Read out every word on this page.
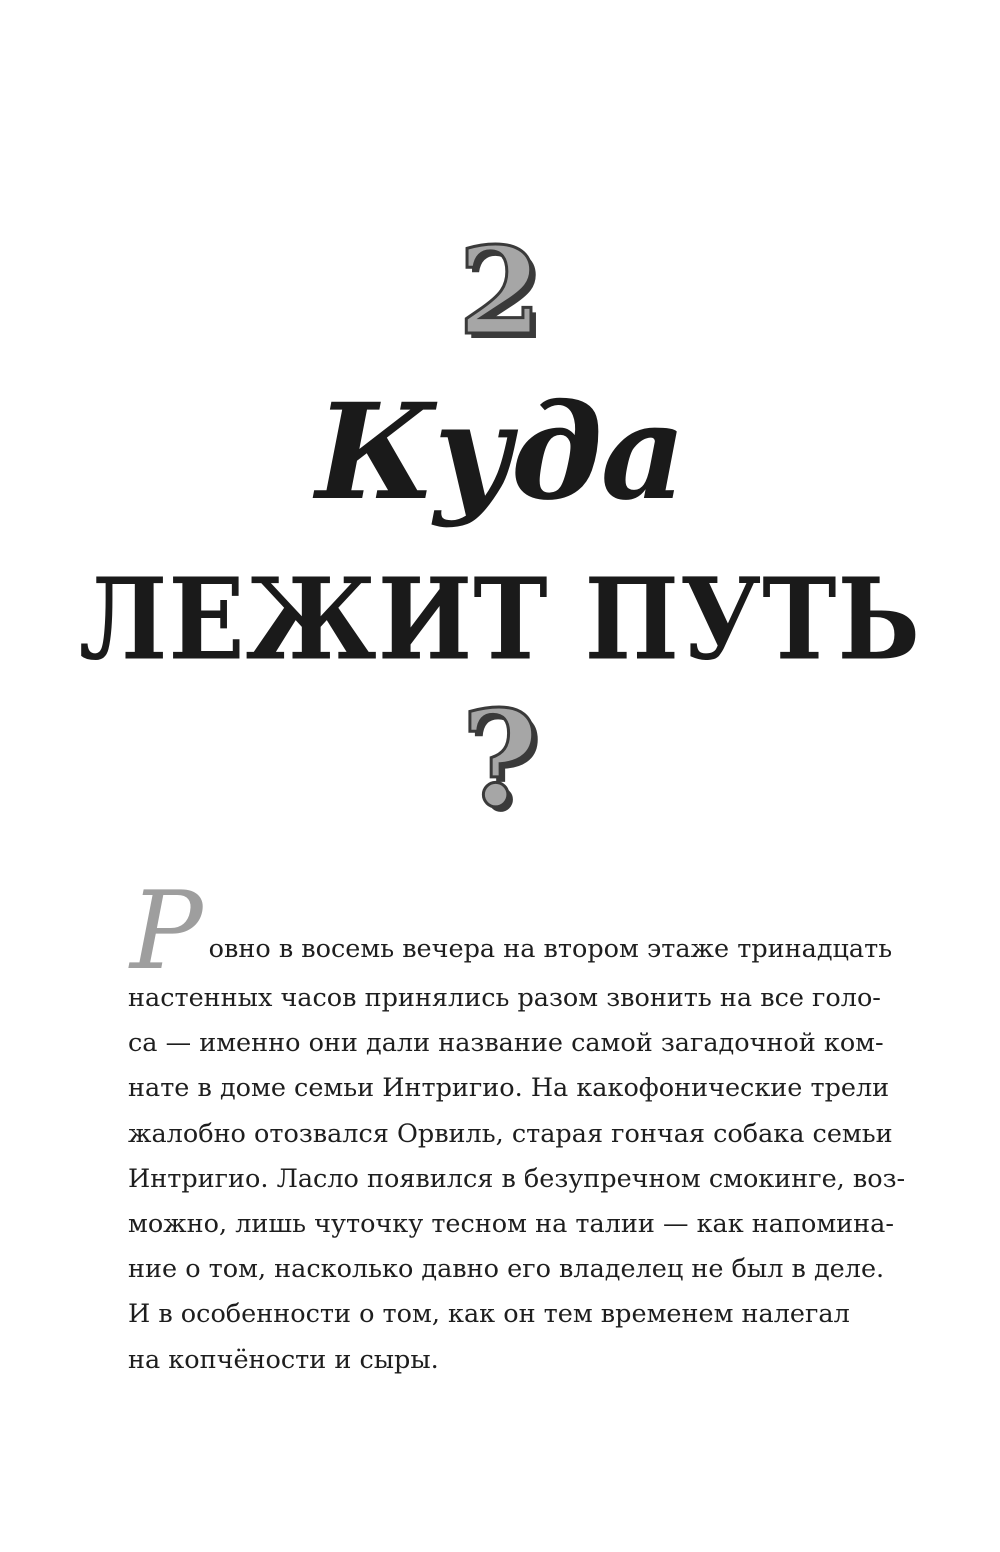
2
Куда
ЛЕЖИТ ПУТЬ
?
Р овно в восемь вечера на втором этаже тринадцать
настенных часов принялись разом звонить на все голо-
са — именно они дали название самой загадочной ком-
нате в доме семьи Интригио. На какофонические трели
жалобно отозвался Орвиль, старая гончая собака семьи
Интригио. Ласло появился в безупречном смокинге, воз-
можно, лишь чуточку тесном на талии — как напомина-
ние о том, насколько давно его владелец не был в деле.
И в особенности о том, как он тем временем налегал
на копчёности и сыры.
